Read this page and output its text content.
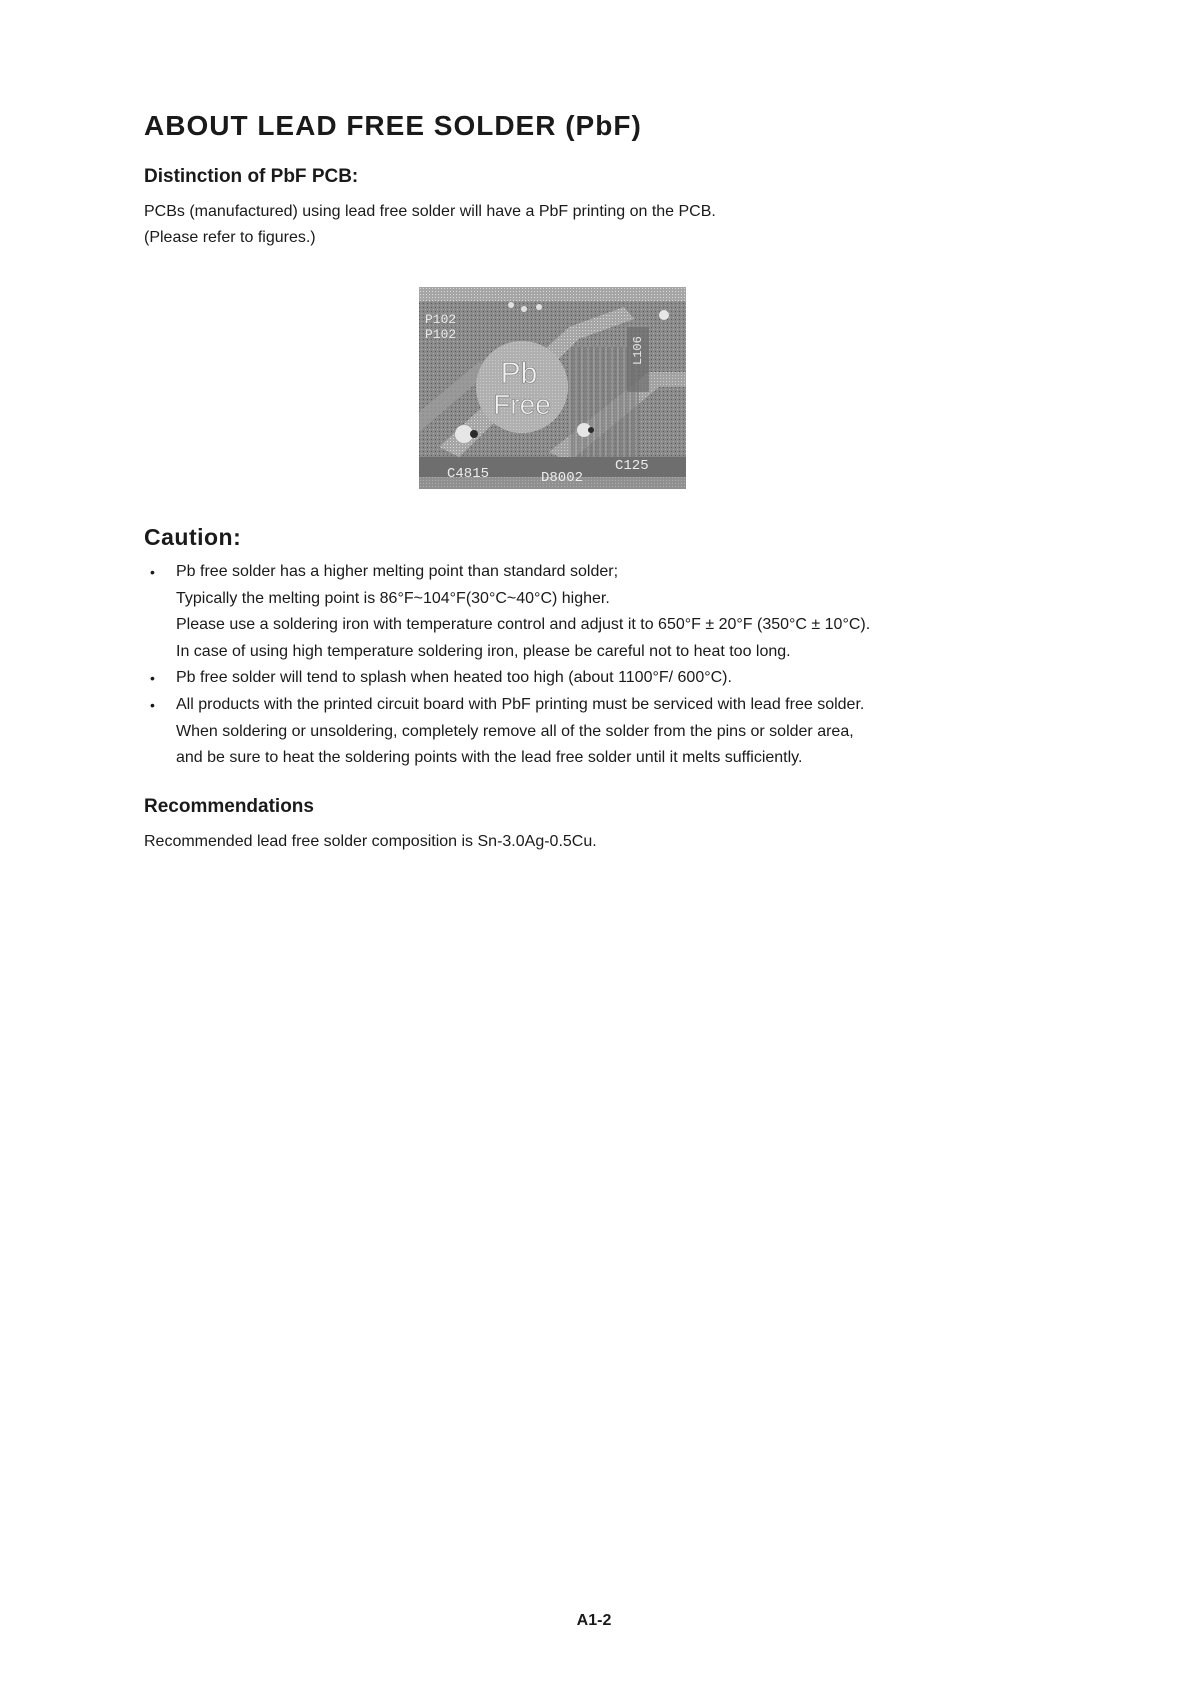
ABOUT LEAD FREE SOLDER (PbF)
Distinction of PbF PCB:

PCBs (manufactured) using lead free solder will have a PbF printing on the PCB.

(Please refer to figures.)

Pb
Free
P102
P102
L106
C4815	D8002
C125
Caution:
• Pb free solder has a higher melting point than standard solder;
Typically the melting point is 86°F~104°F(30°C~40°C) higher.
Please use a soldering iron with temperature control and adjust it to 650°F ± 20°F (350°C ± 10°C).
In case of using high temperature soldering iron, please be careful not to heat too long.
• Pb free solder will tend to splash when heated too high (about 1100°F/ 600°C).
• All products with the printed circuit board with PbF printing must be serviced with lead free solder.
When soldering or unsoldering, completely remove all of the solder from the pins or solder area,
and be sure to heat the soldering points with the lead free solder until it melts sufficiently.
Recommendations

Recommended lead free solder composition is Sn-3.0Ag-0.5Cu.

A1-2
